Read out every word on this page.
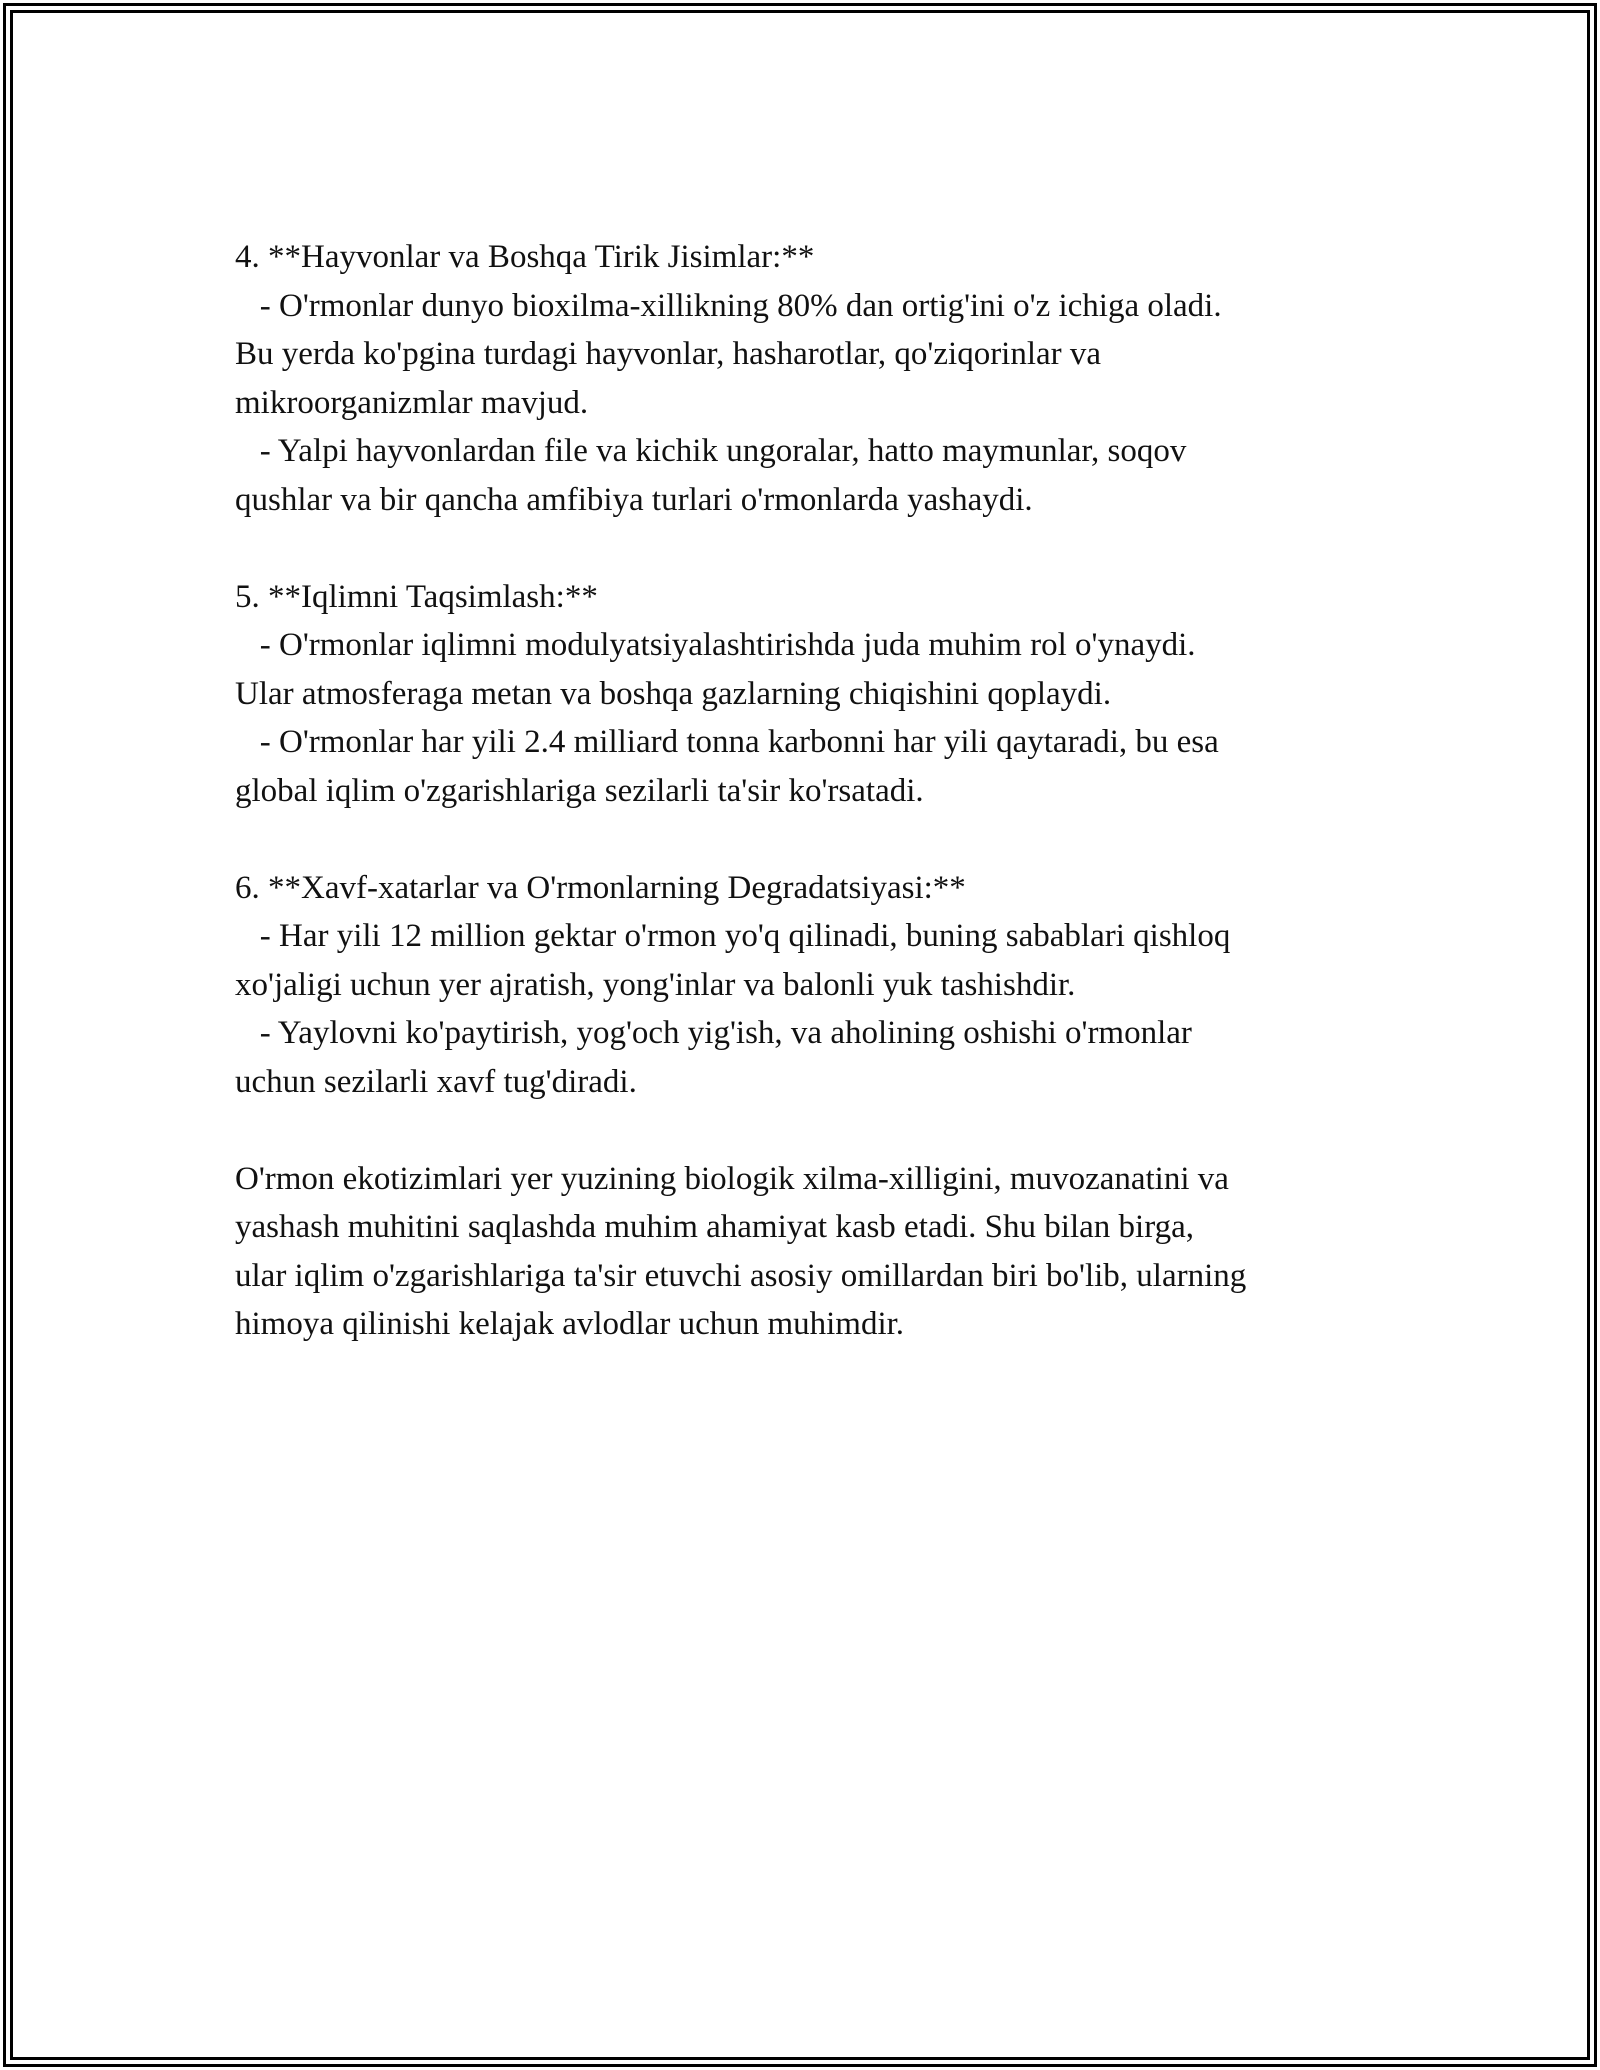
4. **Hayvonlar va Boshqa Tirik Jisimlar:**
- O'rmonlar dunyo bioxilma-xillikning 80% dan ortig'ini o'z ichiga oladi.
Bu yerda ko'pgina turdagi hayvonlar, hasharotlar, qo'ziqorinlar va
mikroorganizmlar mavjud.
- Yalpi hayvonlardan file va kichik ungoralar, hatto maymunlar, soqov
qushlar va bir qancha amfibiya turlari o'rmonlarda yashaydi.
5. **Iqlimni Taqsimlash:**
- O'rmonlar iqlimni modulyatsiyalashtirishda juda muhim rol o'ynaydi.
Ular atmosferaga metan va boshqa gazlarning chiqishini qoplaydi.
- O'rmonlar har yili 2.4 milliard tonna karbonni har yili qaytaradi, bu esa
global iqlim o'zgarishlariga sezilarli ta'sir ko'rsatadi.
6. **Xavf-xatarlar va O'rmonlarning Degradatsiyasi:**
- Har yili 12 million gektar o'rmon yo'q qilinadi, buning sabablari qishloq
xo'jaligi uchun yer ajratish, yong'inlar va balonli yuk tashishdir.
- Yaylovni ko'paytirish, yog'och yig'ish, va aholining oshishi o'rmonlar
uchun sezilarli xavf tug'diradi.
O'rmon ekotizimlari yer yuzining biologik xilma-xilligini, muvozanatini va
yashash muhitini saqlashda muhim ahamiyat kasb etadi. Shu bilan birga,
ular iqlim o'zgarishlariga ta'sir etuvchi asosiy omillardan biri bo'lib, ularning
himoya qilinishi kelajak avlodlar uchun muhimdir.
